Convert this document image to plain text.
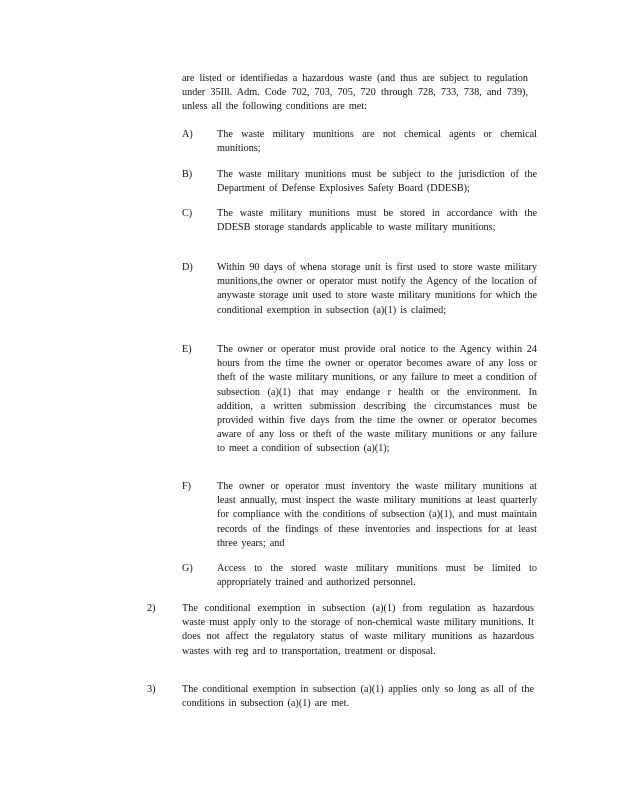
are listed or identifiedas a hazardous waste (and thus are subject to regulation under 35Ill. Adm. Code 702, 703, 705, 720 through 728, 733, 738, and 739), unless all the following conditions are met:
A) The waste military munitions are not chemical agents or chemical munitions;
B) The waste military munitions must be subject to the jurisdiction of the Department of Defense Explosives Safety Board (DDESB);
C) The waste military munitions must be stored in accordance with the DDESB storage standards applicable to waste military munitions;
D) Within 90 days of whena storage unit is first used to store waste military munitions,the owner or operator must notify the Agency of the location of anywaste storage unit used to store waste military munitions for which the conditional exemption in subsection (a)(1) is claimed;
E) The owner or operator must provide oral notice to the Agency within 24 hours from the time the owner or operator becomes aware of any loss or theft of the waste military munitions, or any failure to meet a condition of subsection (a)(1) that may endange r health or the environment. In addition, a written submission describing the circumstances must be provided within five days from the time the owner or operator becomes aware of any loss or theft of the waste military munitions or any failure to meet a condition of subsection (a)(1);
F)	The owner or operator must inventory the waste military munitions at least annually, must inspect the waste military munitions at least quarterly for compliance with the conditions of subsection (a)(1), and must maintain records of the findings of these inventories and inspections for at least three years; and
G) Access to the stored waste military munitions must be limited to appropriately trained and authorized personnel.
2)	The conditional exemption in subsection (a)(1) from regulation as hazardous waste must apply only to the storage of non-chemical waste military munitions. It does not affect the regulatory status of waste military munitions as hazardous wastes with reg ard to transportation, treatment or disposal.
3)	The conditional exemption in subsection (a)(1) applies only so long as all of the conditions in subsection (a)(1) are met.
